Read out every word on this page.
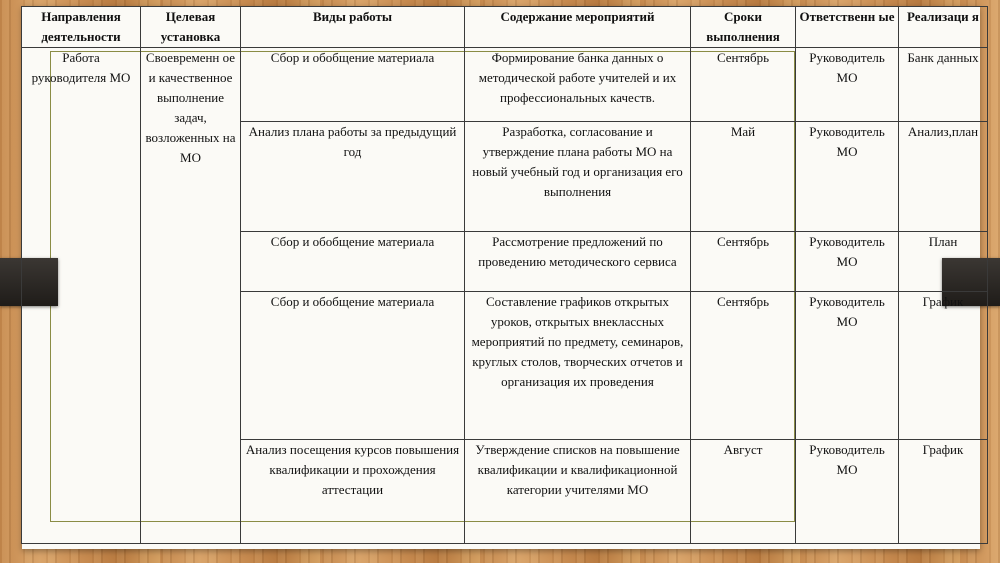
Направления деятельности	Целевая установка	Виды работы	Содержание мероприятий	Сроки выполнения	Ответственн ые	Реализаци я
Работа руководителя МО	Своевременн ое и качественное выполнение задач, возложенных на МО	Сбор и обобщение материала	Формирование банка данных о методической работе учителей и их профессиональных качеств.	Сентябрь	Руководитель МО	Банк данных
		Анализ плана работы за предыдущий год	Разработка, согласование и утверждение плана работы МО на новый учебный год и организация его выполнения	Май	Руководитель МО	Анализ,план
		Сбор и обобщение материала	Рассмотрение предложений по проведению методического сервиса	Сентябрь	Руководитель МО	План
		Сбор и обобщение материала	Составление графиков открытых уроков, открытых внеклассных мероприятий по предмету, семинаров, круглых столов, творческих отчетов и организация их проведения	Сентябрь	Руководитель МО	График
		Анализ посещения курсов повышения квалификации и прохождения аттестации	Утверждение списков на повышение квалификации и квалификационной категории учителями МО	Август	Руководитель МО	График
